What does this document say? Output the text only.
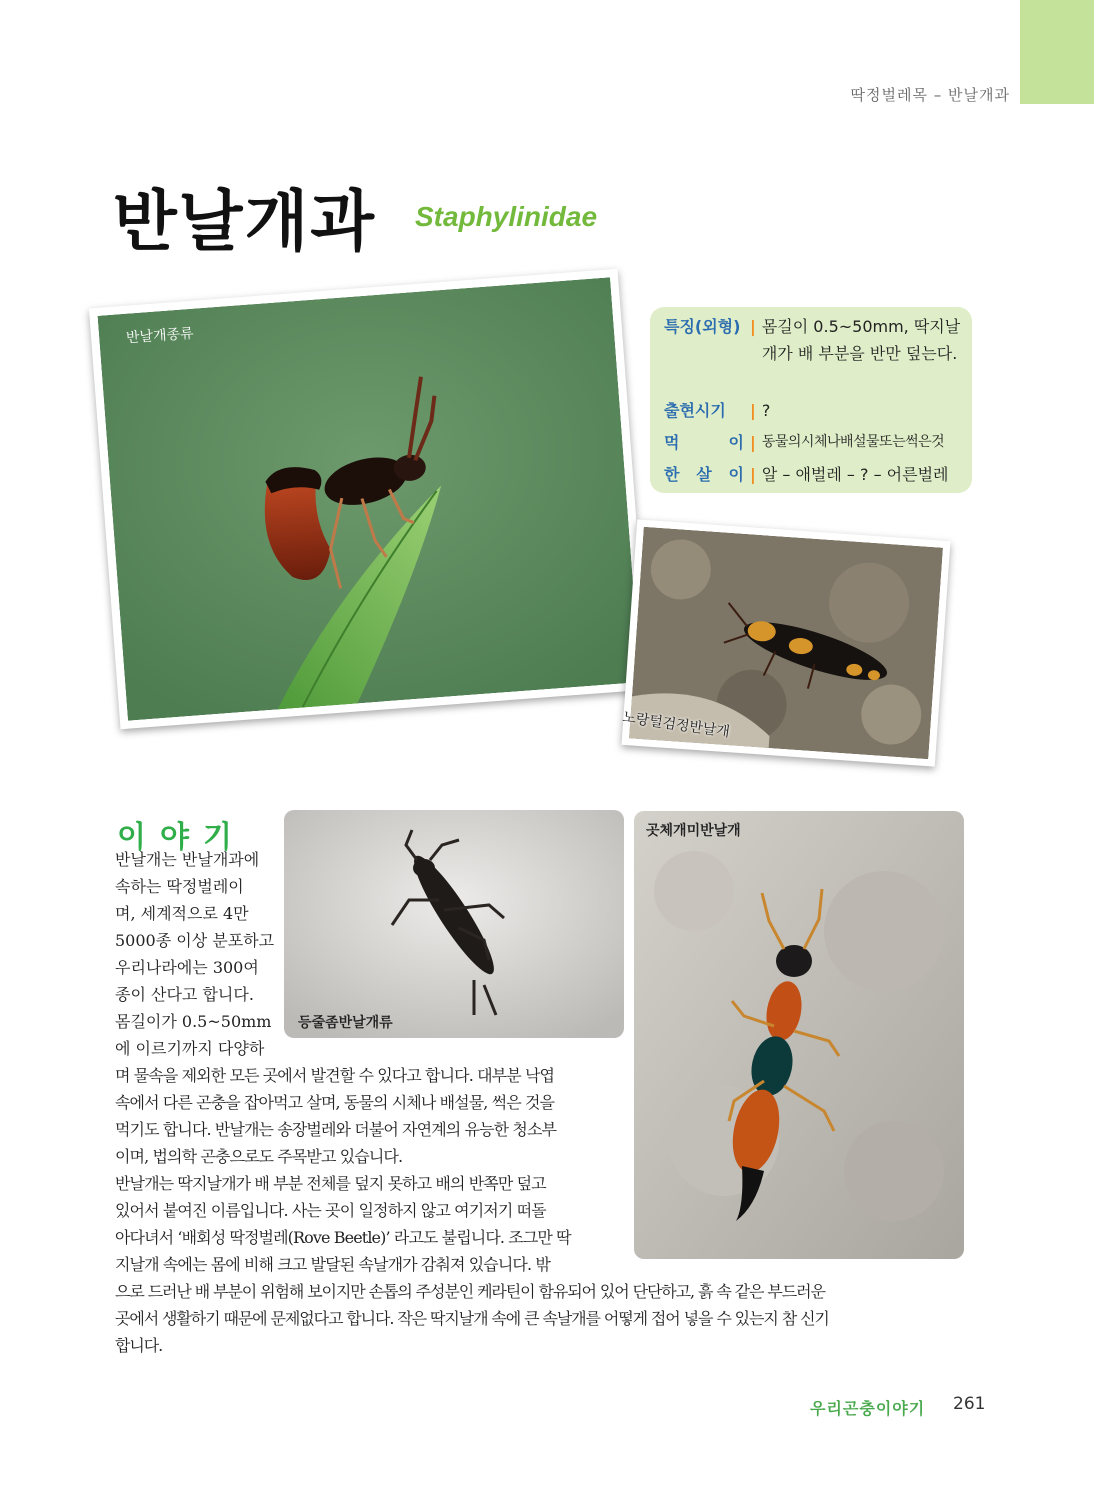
딱정벌레목 – 반날개과
반날개과 Staphylinidae
반날개종류	특징(외형) | 몸길이 0.5~50mm, 딱지날개가 배 부분을 반만 덮는다.
출현시기	| ?
먹 이 | 동물의시체나배설물또는썩은것
한 살 이 | 알 – 애벌레 – ? – 어른벌레
노랑털검정반날개
이야기
등줄좀반날개류
곳체개미반날개

반날개는 반날개과에

속하는 딱정벌레이

며, 세계적으로 4만

5000종 이상 분포하고

우리나라에는 300여

종이 산다고 합니다.

몸길이가 0.5~50mm

에 이르기까지 다양하

며 물속을 제외한 모든 곳에서 발견할 수 있다고 합니다. 대부분 낙엽

속에서 다른 곤충을 잡아먹고 살며, 동물의 시체나 배설물, 썩은 것을

먹기도 합니다. 반날개는 송장벌레와 더불어 자연계의 유능한 청소부

이며, 법의학 곤충으로도 주목받고 있습니다.

반날개는 딱지날개가 배 부분 전체를 덮지 못하고 배의 반쪽만 덮고

있어서 붙여진 이름입니다. 사는 곳이 일정하지 않고 여기저기 떠돌

아다녀서 ‘배회성 딱정벌레(Rove Beetle)’ 라고도 불립니다. 조그만 딱

지날개 속에는 몸에 비해 크고 발달된 속날개가 감춰져 있습니다. 밖

으로 드러난 배 부분이 위험해 보이지만 손톱의 주성분인 케라틴이 함유되어 있어 단단하고, 흙 속 같은 부드러운

곳에서 생활하기 때문에 문제없다고 합니다. 작은 딱지날개 속에 큰 속날개를 어떻게 접어 넣을 수 있는지 참 신기

합니다.

우리곤충이야기 261
